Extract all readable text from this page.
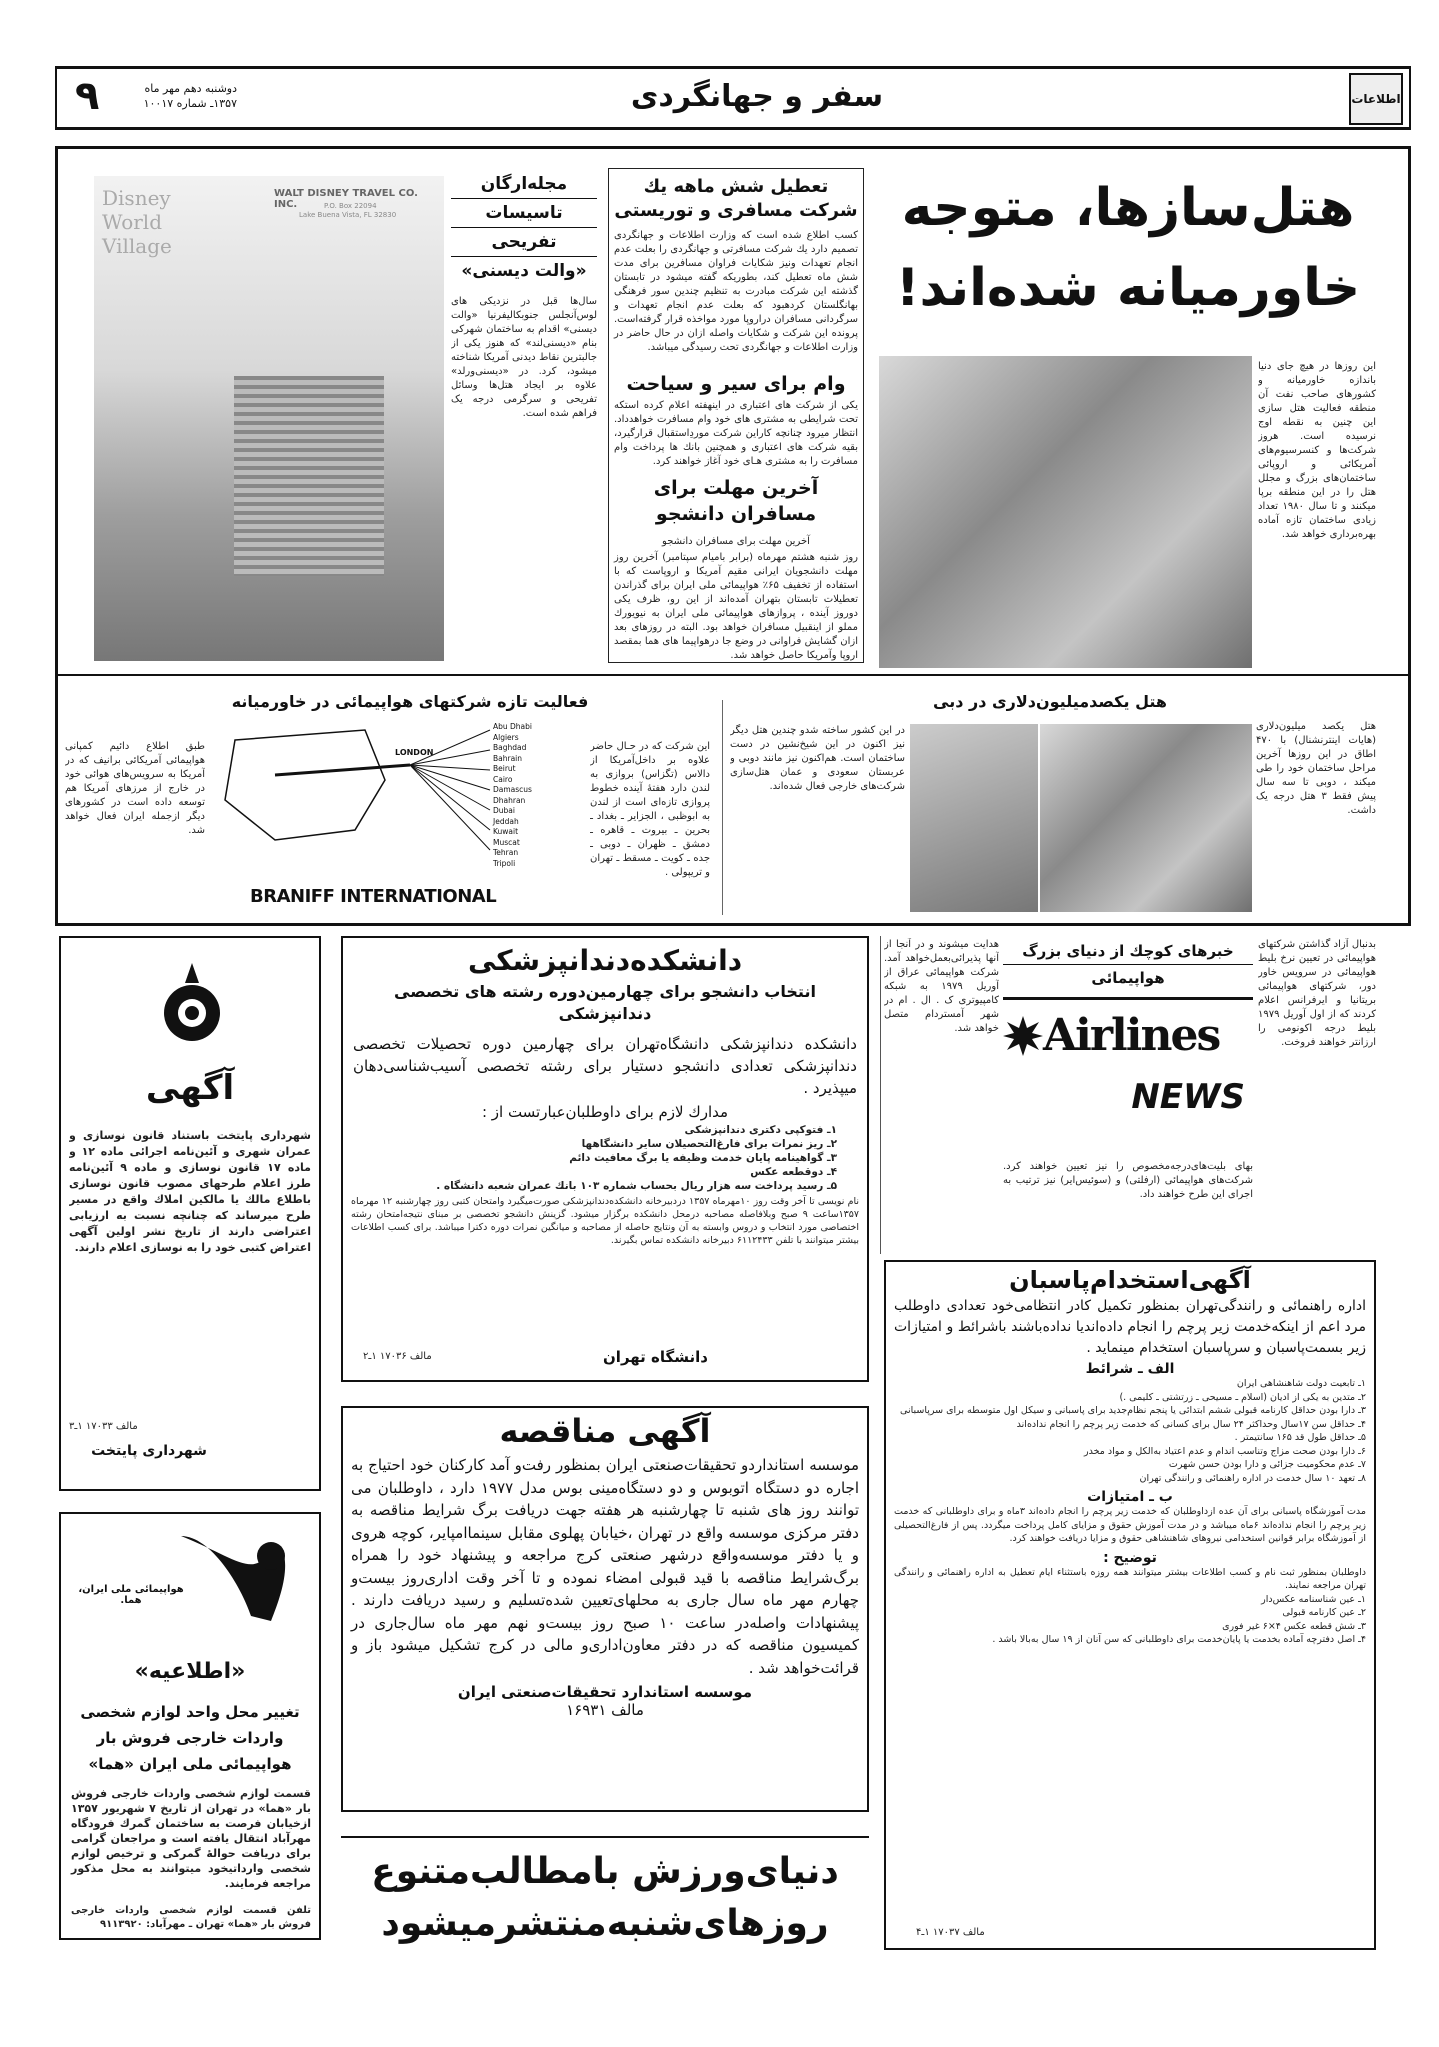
۹	دوشنبه دهم مهر ماه
۱۳۵۷ـ شماره ۱۰۰۱۷	سفر و جهانگردی	اطلاعات
هتل‌سازها، متوجه
خاورمیانه شده‌اند!
این روزها در هیچ جای دنیا باندازه خاورمیانه و کشورهای صاحب نفت آن منطقه فعالیت هتل سازی این چنین به نقطه اوج نرسیده است. هروز شرکت‌ها و کنسرسیوم‌های آمریکائی و اروپائی ساختمان‌های بزرگ و مجلل هتل را در این منطقه برپا میکنند و تا سال ۱۹۸۰ تعداد زیادی ساختمان تازه آماده بهره‌برداری خواهد شد.
تعطیل شش ماهه یك شرکت مسافری و توریستی
کسب اطلاع شده است که وزارت اطلاعات و جهانگردی تصمیم دارد یك شرکت مسافرتی و جهانگردی را بعلت عدم انجام تعهدات ونیز شکایات فراوان مسافرین برای مدت شش ماه تعطیل کند، بطوریکه گفته میشود در تابستان گذشته این شرکت مبادرت به تنظیم چندین سور فرهنگی بهانگلستان کردهبود که بعلت عدم انجام تعهدات و سرگردانی مسافران دراروپا مورد مواخذه قرار گرفته‌است. پرونده این شرکت و شکایات واصله ازان در حال حاضر در وزارت اطلاعات و جهانگردی تحت رسیدگی میباشد.
وام برای سیر و سیاحت
یکی از شرکت های اعتباری در اینهفته اعلام کرده استکه تحت شرایطی به مشتری های خود وام مسافرت خواهدداد. انتظار میرود چنانچه کاراین شرکت موردِاستقبال قرارگیرد، بقیه شرکت های اعتباری و همچنین بانك ها پرداخت وام مسافرت را به مشتری هـای خود آغاز خواهند کرد.
آخرین مهلت برای مسافران دانشجو
آخرین مهلت برای مسافران دانشجو
روز شنبه هشتم مهرماه (برابر بامیام سپتامبر) آخرین روز مهلت دانشجویان ایرانی مقیم آمریکا و اروپاست که با استفاده از تخفیف ۶۵٪ هواپیمائی ملی ایران برای گذراندن تعطیلات تابستان بتهران آمده‌اند از این رو، ظرف یکی دوروز آینده ، پروازهای هواپیمائی ملی ایران به نیویورك مملو از اینقبیل مسافران خواهد بود. البته در روزهای بعد ازان گشایش فراوانی در وضع جا درهواپیما های هما بمقصد اروپا وآمریکا حاصل خواهد شد.
مجله‌ارگان
تاسیسات
تفریحی
«والت دیسنی»
سال‌ها قبل در نزدیکی های لوس‌آنجلس جنوبکالیفرنیا «والت دیسنی» اقدام به ساختمان شهرکی‌ بنام «دیسنی‌لند» که هنوز یکی از جالبترین نقاط دیدنی آمریکا شناخته میشود، کرد. در «دیسنی‌ورلد» علاوه بر ایجاد هتل‌ها وسائل تفریحی و سرگرمی درجه یک فراهم شده است.
Disney World Village
WALT DISNEY TRAVEL CO. INC.	P.O. Box 22094
Lake Buena Vista, FL 32830
هتل یکصدمیلیون‌دلاری در دبی
هتل یکصد میلیون‌دلاری (هایات اینترنشنال) با ۴۷۰ اطاق در این روزها آخرین مراحل ساختمان خود را طی میکند ، دوبی تا سه سال پیش فقط ۳ هتل درجه یک داشت.
در این کشور ساخته شدو چندین هتل دیگر نیز اکنون در این شیخ‌نشین در دست ساختمان است. هم‌اکنون نیز مانند دوبی و عربستان سعودی و عمان هتل‌سازی شرکت‌های خارجی فعال شده‌اند.
فعالیت تازه شرکتهای هواپیمائی در خاورمیانه
این شرکت که در حـال حاضر علاوه بر داخل‌آمریکا از دالاس (تگزاس) بروازی به لندن دارد هفتهٔ آینده خطوط پروازی تازه‌ای است از لندن به ابوظبی ، الجزایر ـ بغداد ـ بحرین ـ بیروت ـ قاهره ـ دمشق ـ ظهران ـ دوبی ـ جده ـ کویت ـ مسقط ـ تهران و تریپولی .
LONDON
Abu Dhabi
Algiers
Baghdad
Bahrain
Beirut
Cairo
Damascus
Dhahran
Dubai
Jeddah
Kuwait
Muscat
Tehran
Tripoli
BRANIFF INTERNATIONAL
طبق اطلاع دائیم کمپانی هواپیمائی آمریکائی برانیف که در آمریکا به سرویس‌های هوائی خود در خارج از مرزهای آمریکا هم توسعه داده است در کشورهای دیگر ازجمله ایران فعال خواهد شد.
آگهی
شهرداری پایتخت باستناد قانون نوسازی و عمران شهری و آئین‌نامه اجرائی ماده ۱۲ و ماده ۱۷ قانون نوسازی و ماده ۹ آئین‌نامه طرز اعلام طرحهای مصوب قانون نوسازی باطلاع مالك یا مالکین املاك واقع در مسیر طرح میرساند که چنانچه نسبت به ارزیابی اعتراضی دارند از تاریخ نشر اولین آگهی اعتراض کتبی خود را به نوسازی اعلام دارند.
مالف ۱۷۰۳۳ ۱ـ۳
شهرداری پایتخت
هواپیمائی ملی ایران، هما.
«اطلاعیه»
تغییر محل واحد لوازم شخصی
واردات خارجی فروش بار
هواپیمائی ملی ایران «هما»
قسمت لوازم شخصی واردات خارجی فروش بار «هما» در تهران از تاریخ ۷ شهریور ۱۳۵۷ ازخیابان فرصت به ساختمان گمرك فرودگاه مهرآباد انتقال یافته است و مراجعان گرامی برای دریافت حوالهٔ گمرکی و ترخیص لوازم شخصی وارداتیخود میتوانند به محل مذکور مراجعه فرمایند.
تلفن قسمت لوازم شخصی واردات خارجی فروش بار «هما» تهران ـ مهرآباد: ۹۱۱۳۹۲۰
دانشکده‌دندانپزشکی
انتخاب دانشجو برای چهارمین‌دوره رشته های تخصصی دندانپزشکی
دانشکده دندانپزشکی دانشگاه‌تهران برای چهارمین دوره تحصیلات تخصصی دندانپزشکی تعدادی دانشجو دستیار برای رشته تخصصی آسیب‌شناسی‌دهان میپذیرد .
مدارك لازم برای داوطلبان‌عبارتست از :
۱ـ فتوکپی دکتری دندانپزشکی
۲ـ ریز نمرات برای فارغ‌التحصیلان سایر دانشگاهها
۳ـ گواهینامه پایان خدمت وظیفه یا برگ معافیت دائم
۴ـ دوقطعه عکس
۵ـ رسید پرداخت سه هزار ریال بحساب شماره ۱۰۳ بانك عمران شعبه دانشگاه .
نام نویسی تا آخر وقت روز ۱۰مهرماه ۱۳۵۷ دردبیرخانه دانشکده‌دندانپزشکی صورت‌میگیرد وامتحان کتبی روز چهارشنبه ۱۲ مهرماه ۱۳۵۷ساعت ۹ صبح وبلافاصله مصاحبه درمحل دانشکده برگزار میشود. گزینش دانشجو تخصصی بر مبنای نتیجه‌امتحان رشته اختصاصی مورد انتخاب و دروس وابسته به آن ونتایج حاصله از مصاحبه و میانگین نمرات دوره دکترا میباشد. برای کسب اطلاعات بیشتر میتوانند با تلفن ۶۱۱۲۴۳۳ دبیرخانه دانشکده تماس بگیرند.
دانشگاه تهران
مالف ۱۷۰۳۶ ۱ـ۲
آگهی مناقصه
موسسه استانداردو تحقیقات‌صنعتی ایران بمنظور رفت‌و آمد کارکنان خود احتیاج به اجاره دو دستگاه اتوبوس و دو دستگاه‌مینی بوس مدل ۱۹۷۷ دارد ، داوطلبان می توانند روز های شنبه تا چهارشنبه هر هفته جهت دریافت برگ شرایط مناقصه به دفتر مرکزی موسسه واقع در تهران ،خیابان پهلوی مقابل سینماامپایر، کوچه هروی و یا دفتر موسسه‌واقع درشهر صنعتی کرج مراجعه و پیشنهاد خود را همراه برگ‌شرایط مناقصه با قید قبولی امضاء نموده و تا آخر وقت اداری‌روز بیست‌و چهارم مهر ماه سال جاری به محلهای‌تعیین شده‌تسلیم و رسید دریافت دارند . پیشنهادات واصله‌در ساعت ۱۰ صبح روز بیست‌و نهم مهر ماه سال‌جاری در کمیسیون مناقصه که در دفتر معاون‌اداری‌و مالی در کرج تشکیل میشود باز و قرائت‌خواهد شد .
موسسه استاندارد تحقیقات‌صنعتی ایران
مالف ۱۶۹۳۱
دنیای‌ورزش بامطالب‌متنوع
روزهای‌شنبه‌منتشرمیشود
بدنبال آزاد گذاشتن شرکتهای هواپیمائی در تعیین نرخ بلیط هواپیمائی در سرویس خاور دور، شرکتهای هواپیمائی بریتانیا و ایرفرانس اعلام کردند که از اول آوریل ۱۹۷۹ بلیط درجه اکونومی را ارزانتر خواهند فروخت.
هدایت میشوند و در آنجا از آنها پذیرائی‌بعمل‌خواهد آمد. شرکت هواپیمائی عراق از آوریل ۱۹۷۹ به شبکه کامپیوتری ک . ال . ام در شهر آمستردام متصل خواهد شد.
خبرهای کوچك از دنیای بزرگ
هواپیمائی
Airlines
NEWS
بهای بلیت‌های‌درجه‌مخصوص را نیز تعیین خواهند کرد. شرکت‌های هواپیمائی (ارفلتی) و (سوئیس‌ایر) نیز ترتیب به اجرای این طرح خواهند داد.
آگهی‌استخدام‌پاسبان
اداره راهنمائی و رانندگی‌تهران بمنظور تکمیل کادر انتظامی‌خود تعدادی داوطلب مرد اعم از اینکه‌خدمت زیر پرچم را انجام داده‌اندیا نداده‌باشند باشرائط و امتیازات زیر بسمت‌پاسبان و سرپاسبان استخدام مینماید .
الف ـ شرائط
۱ـ تابعیت دولت شاهنشاهی ایران
۲ـ متدین به یکی از ادیان (اسلام ـ مسیحی ـ زرتشتی ـ کلیمی .)
۳ـ دارا بودن حداقل کارنامه قبولی ششم ابتدائی یا پنجم نظام‌جدید برای پاسبانی و سیکل اول متوسطه برای سرپاسبانی
۴ـ حداقل سن ۱۷سال وحداکثر ۲۴ سال برای کسانی که خدمت زیر پرچم را انجام نداده‌اند
۵ـ حداقل طول قد ۱۶۵ سانتیمتر .
۶ـ دارا بودن صحت مزاج وتناسب اندام و عدم اعتیاد به‌الکل و مواد مخدر
۷ـ عدم محکومیت جزائی و دارا بودن حسن شهرت
۸ـ تعهد ۱۰ سال خدمت در اداره راهنمائی و رانندگی تهران
ب ـ امتیازات
مدت آموزشگاه پاسبانی برای آن عده ازداوطلبان که خدمت زیر پرچم را انجام داده‌اند ۳ماه و برای داوطلبانی که خدمت زیر پرچم را انجام نداده‌اند ۶ماه میباشد و در مدت آموزش حقوق و مزایای کامل پرداخت میگردد. پس از فارغ‌التحصیلی از آموزشگاه برابر قوانین استخدامی نیروهای شاهنشاهی حقوق و مزایا دریافت خواهند کرد.
توضیح :
داوطلبان بمنظور ثبت نام و کسب اطلاعات بیشتر میتوانند همه روزه باستثناء ایام تعطیل به اداره راهنمائی و رانندگی تهران مراجعه نمایند.
۱ـ عین شناسنامه عکس‌دار
۲ـ عین کارنامه قبولی
۳ـ شش قطعه عکس ۴×۶ غیر فوری
۴ـ اصل دفترچه آماده بخدمت یا پایان‌خدمت برای داوطلبانی که سن آنان از ۱۹ سال به‌بالا باشد .
مالف ۱۷۰۳۷ ۱ـ۴
